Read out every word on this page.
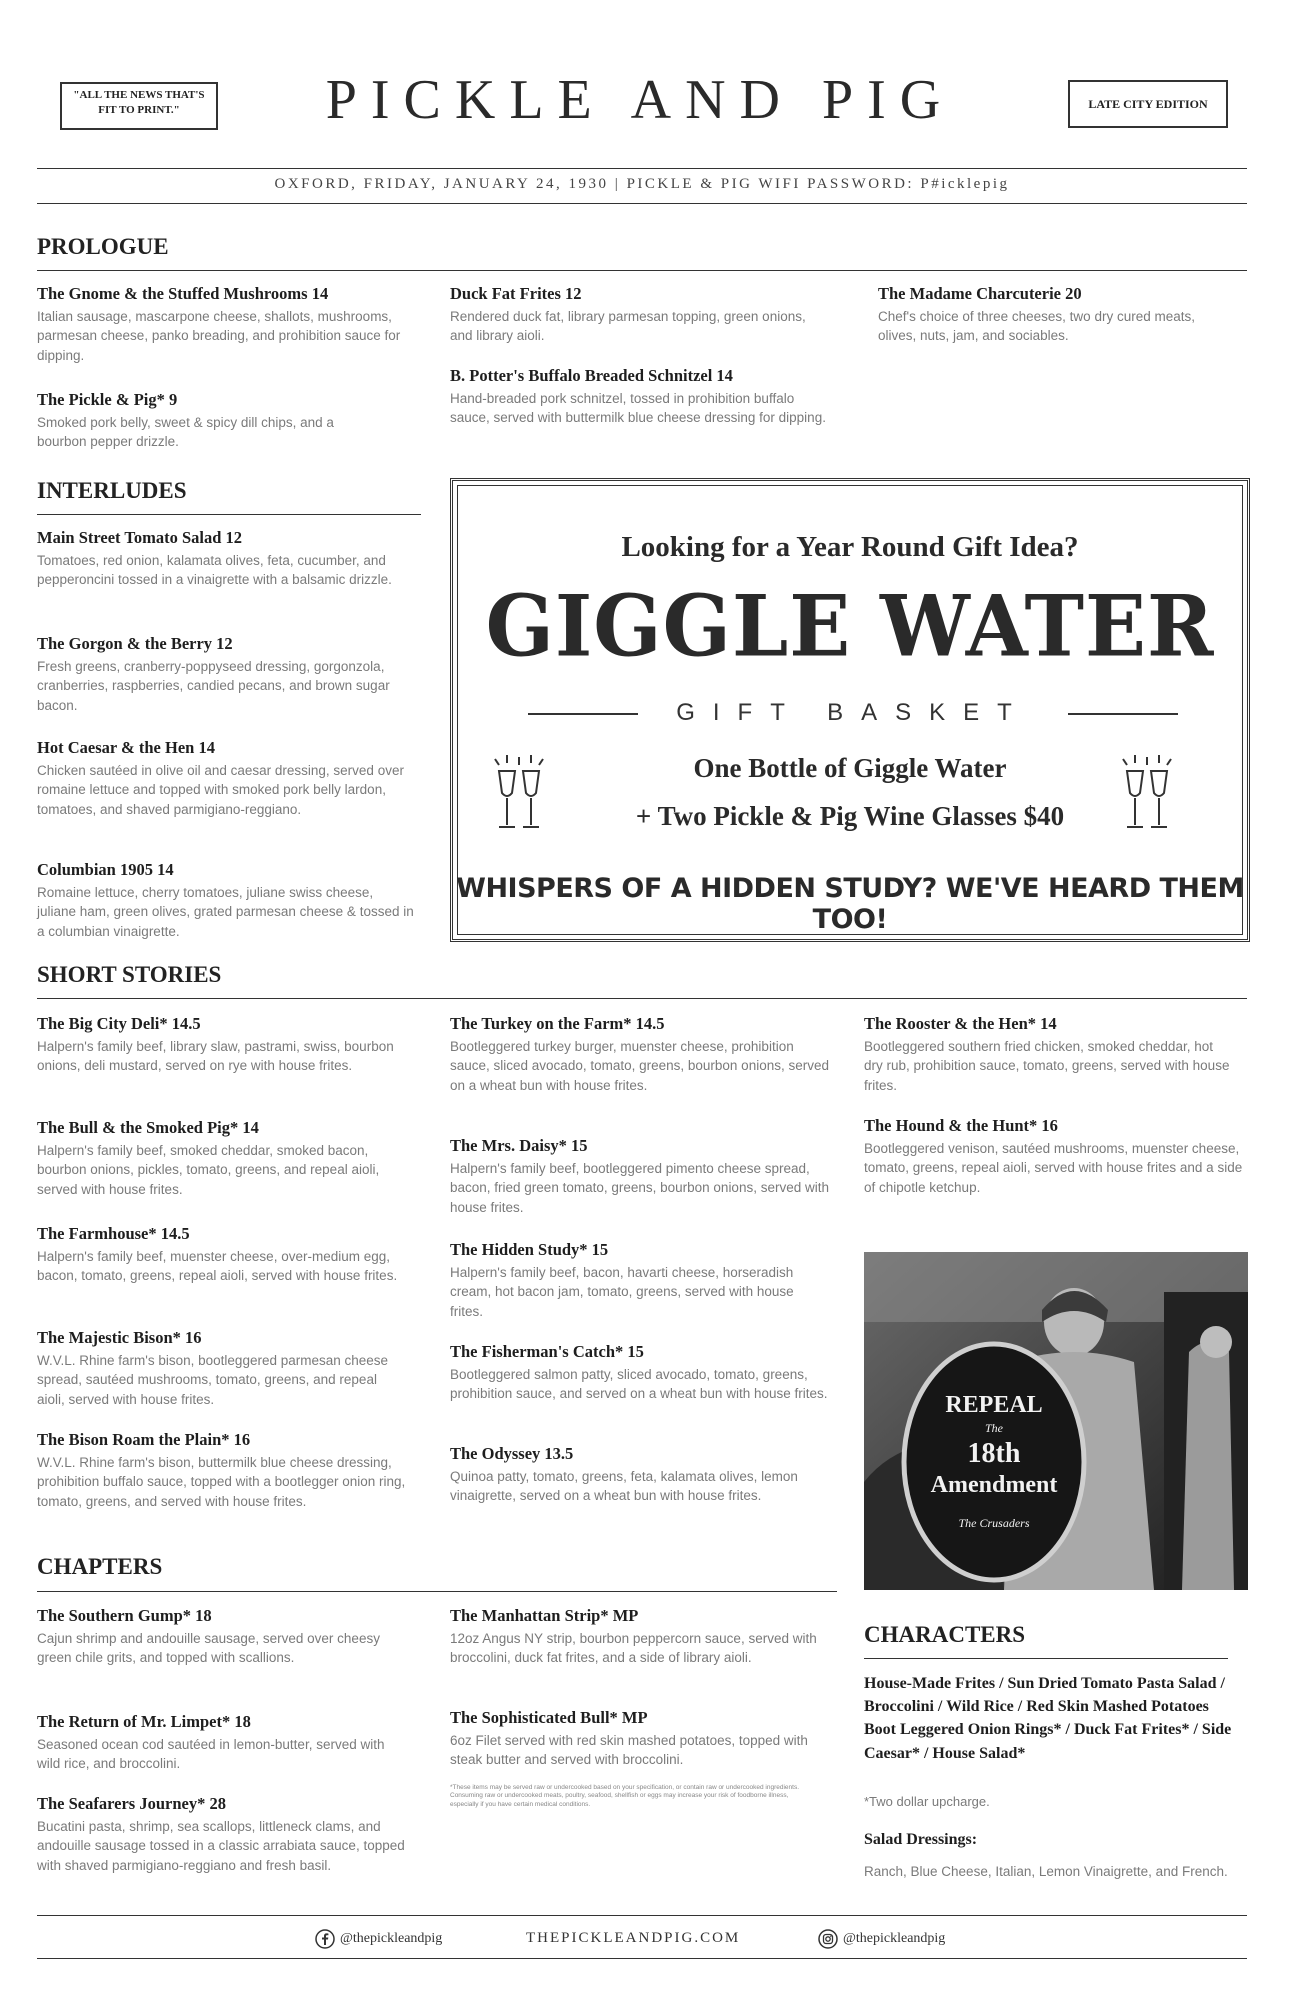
"ALL THE NEWS THAT'S FIT TO PRINT."	PICKLE AND PIG	LATE CITY EDITION
OXFORD, FRIDAY, JANUARY 24, 1930 | PICKLE & PIG WIFI PASSWORD: P#icklepig
PROLOGUE
The Gnome & the Stuffed Mushrooms 14
Italian sausage, mascarpone cheese, shallots, mushrooms, parmesan cheese, panko breading, and prohibition sauce for dipping.
The Pickle & Pig* 9
Smoked pork belly, sweet & spicy dill chips, and a bourbon pepper drizzle.
Duck Fat Frites 12
Rendered duck fat, library parmesan topping, green onions, and library aioli.
B. Potter's Buffalo Breaded Schnitzel 14
Hand-breaded pork schnitzel, tossed in prohibition buffalo sauce, served with buttermilk blue cheese dressing for dipping.
The Madame Charcuterie 20
Chef's choice of three cheeses, two dry cured meats, olives, nuts, jam, and sociables.
INTERLUDES
Main Street Tomato Salad 12
Tomatoes, red onion, kalamata olives, feta, cucumber, and pepperoncini tossed in a vinaigrette with a balsamic drizzle.
The Gorgon & the Berry 12
Fresh greens, cranberry-poppyseed dressing, gorgonzola, cranberries, raspberries, candied pecans, and brown sugar bacon.
Hot Caesar & the Hen 14
Chicken sautéed in olive oil and caesar dressing, served over romaine lettuce and topped with smoked pork belly lardon, tomatoes, and shaved parmigiano-reggiano.
Columbian 1905 14
Romaine lettuce, cherry tomatoes, juliane swiss cheese, juliane ham, green olives, grated parmesan cheese & tossed in a columbian vinaigrette.
Looking for a Year Round Gift Idea?
GIGGLE WATER
GIFT BASKET
One Bottle of Giggle Water
+ Two Pickle & Pig Wine Glasses $40
WHISPERS OF A HIDDEN STUDY? WE'VE HEARD THEM TOO!
SHORT STORIES
The Big City Deli* 14.5
Halpern's family beef, library slaw, pastrami, swiss, bourbon onions, deli mustard, served on rye with house frites.
The Bull & the Smoked Pig* 14
Halpern's family beef, smoked cheddar, smoked bacon, bourbon onions, pickles, tomato, greens, and repeal aioli, served with house frites.
The Farmhouse* 14.5
Halpern's family beef, muenster cheese, over-medium egg, bacon, tomato, greens, repeal aioli, served with house frites.
The Majestic Bison* 16
W.V.L. Rhine farm's bison, bootleggered parmesan cheese spread, sautéed mushrooms, tomato, greens, and repeal aioli, served with house frites.
The Bison Roam the Plain* 16
W.V.L. Rhine farm's bison, buttermilk blue cheese dressing, prohibition buffalo sauce, topped with a bootlegger onion ring, tomato, greens, and served with house frites.
The Turkey on the Farm* 14.5
Bootleggered turkey burger, muenster cheese, prohibition sauce, sliced avocado, tomato, greens, bourbon onions, served on a wheat bun with house frites.
The Mrs. Daisy* 15
Halpern's family beef, bootleggered pimento cheese spread, bacon, fried green tomato, greens, bourbon onions, served with house frites.
The Hidden Study* 15
Halpern's family beef, bacon, havarti cheese, horseradish cream, hot bacon jam, tomato, greens, served with house frites.
The Fisherman's Catch* 15
Bootleggered salmon patty, sliced avocado, tomato, greens, prohibition sauce, and served on a wheat bun with house frites.
The Odyssey 13.5
Quinoa patty, tomato, greens, feta, kalamata olives, lemon vinaigrette, served on a wheat bun with house frites.
The Rooster & the Hen* 14
Bootleggered southern fried chicken, smoked cheddar, hot dry rub, prohibition sauce, tomato, greens, served with house frites.
The Hound & the Hunt* 16
Bootleggered venison, sautéed mushrooms, muenster cheese, tomato, greens, repeal aioli, served with house frites and a side of chipotle ketchup.
REPEAL
The
18th
Amendment
The Crusaders
CHAPTERS
The Southern Gump* 18
Cajun shrimp and andouille sausage, served over cheesy green chile grits, and topped with scallions.
The Return of Mr. Limpet* 18
Seasoned ocean cod sautéed in lemon-butter, served with wild rice, and broccolini.
The Seafarers Journey* 28
Bucatini pasta, shrimp, sea scallops, littleneck clams, and andouille sausage tossed in a classic arrabiata sauce, topped with shaved parmigiano-reggiano and fresh basil.
The Manhattan Strip* MP
12oz Angus NY strip, bourbon peppercorn sauce, served with broccolini, duck fat frites, and a side of library aioli.
The Sophisticated Bull* MP
6oz Filet served with red skin mashed potatoes, topped with steak butter and served with broccolini.
*These items may be served raw or undercooked based on your specification, or contain raw or undercooked ingredients. Consuming raw or undercooked meats, poultry, seafood, shellfish or eggs may increase your risk of foodborne illness, especially if you have certain medical conditions.
CHARACTERS
House-Made Frites / Sun Dried Tomato Pasta Salad / Broccolini / Wild Rice / Red Skin Mashed Potatoes Boot Leggered Onion Rings* / Duck Fat Frites* / Side Caesar* / House Salad*
*Two dollar upcharge.
Salad Dressings:
Ranch, Blue Cheese, Italian, Lemon Vinaigrette, and French.
@thepickleandpig	THEPICKLEANDPIG.COM	@thepickleandpig
